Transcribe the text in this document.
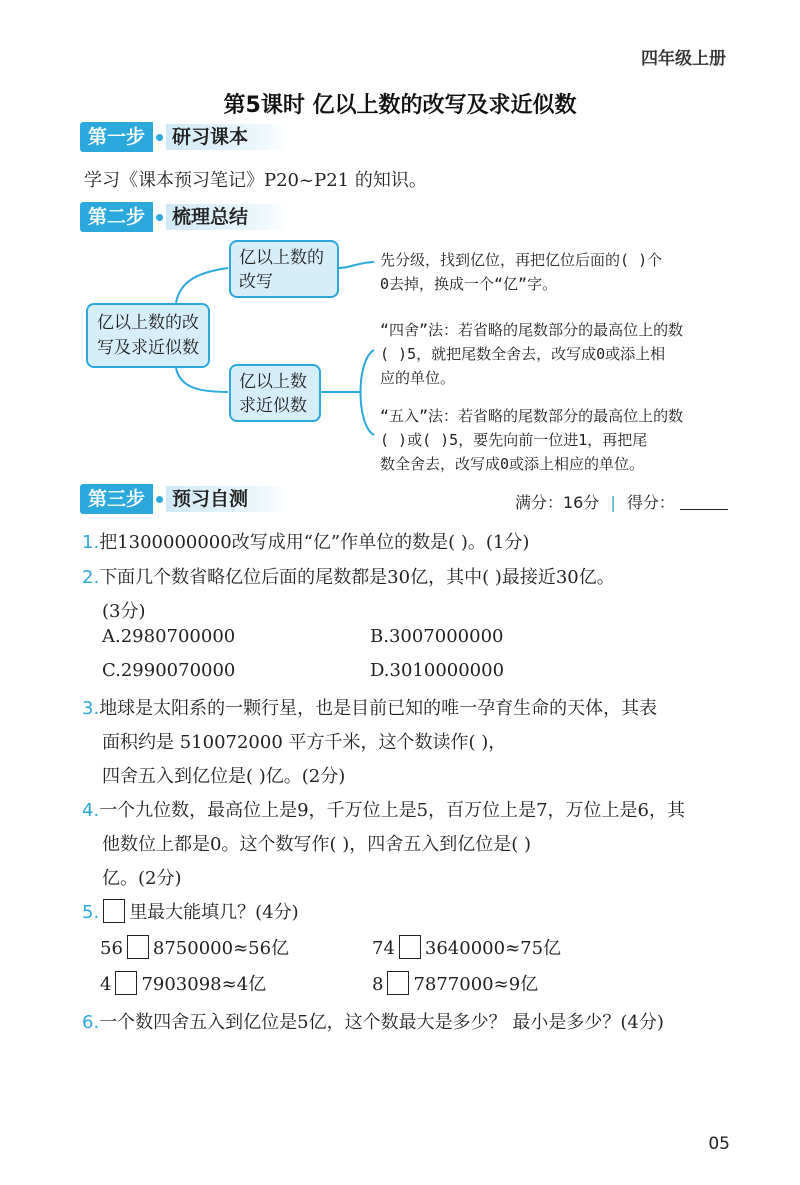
四年级上册
第5课时 亿以上数的改写及求近似数
第一步	研习课本
学习《课本预习笔记》P20~P21 的知识。
第二步	梳理总结
亿以上数的改
写及求近似数
亿以上数的
改写
亿以上数
求近似数
先分级，找到亿位，再把亿位后面的( )个
0去掉，换成一个“亿”字。
“四舍”法：若省略的尾数部分的最高位上的数
( )5，就把尾数全舍去，改写成0或添上相
应的单位。
“五入”法：若省略的尾数部分的最高位上的数
( )或( )5，要先向前一位进1，再把尾
数全舍去，改写成0或添上相应的单位。
第三步	预习自测	满分：16分 | 得分：
1.把1300000000改写成用“亿”作单位的数是( )。(1分)
2.下面几个数省略亿位后面的尾数都是30亿，其中( )最接近30亿。
(3分)
A.2980700000	B.3007000000
C.2990070000	D.3010000000
3.地球是太阳系的一颗行星，也是目前已知的唯一孕育生命的天体，其表
面积约是 510072000 平方千米，这个数读作( )，
四舍五入到亿位是( )亿。(2分)
4.一个九位数，最高位上是9，千万位上是5，百万位上是7，万位上是6，其
他数位上都是0。这个数写作( )，四舍五入到亿位是( )
亿。(2分)
5. 里最大能填几？(4分)
56 8750000≈56亿	74 3640000≈75亿
4 7903098≈4亿	8 7877000≈9亿
6.一个数四舍五入到亿位是5亿，这个数最大是多少？ 最小是多少？(4分)
05
